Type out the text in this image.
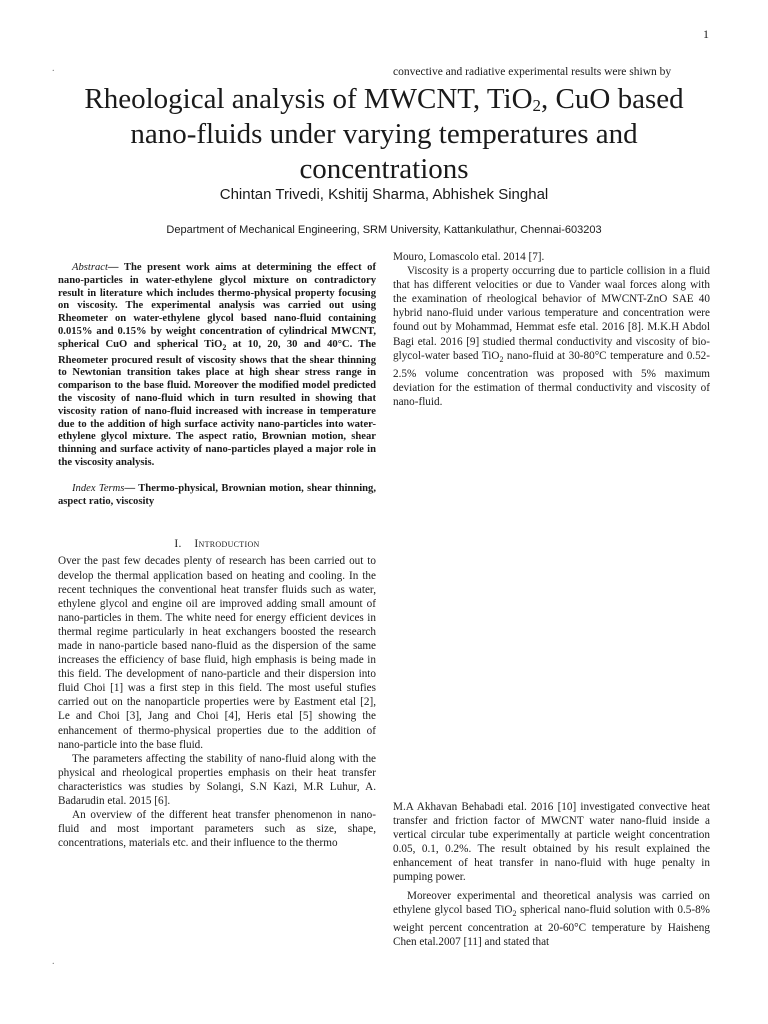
1
.	convective and radiative experimental results were shiwn by
Rheological analysis of MWCNT, TiO$_2$, CuO based
nano-fluids under varying temperatures and
concentrations
Chintan Trivedi, Kshitij Sharma, Abhishek Singhal
Department of Mechanical Engineering, SRM University, Kattankulathur, Chennai-603203

Abstract— The present work aims at determining the effect of nano-particles in water-ethylene glycol mixture on contradictory result in literature which includes thermo-physical property focusing on viscosity. The experimental analysis was carried out using Rheometer on water-ethylene glycol based nano-fluid containing 0.015% and 0.15% by weight concentration of cylindrical MWCNT, spherical CuO and spherical TiO$_2$ at 10, 20, 30 and 40°C. The Rheometer procured result of viscosity shows that the shear thinning to Newtonian transition takes place at high shear stress range in comparison to the base fluid. Moreover the modified model predicted the viscosity of nano-fluid which in turn resulted in showing that viscosity ration of nano-fluid increased with increase in temperature due to the addition of high surface activity nano-particles into water-ethylene glycol mixture. The aspect ratio, Brownian motion, shear thinning and surface activity of nano-particles played a major role in the viscosity analysis.

Index Terms— Thermo-physical, Brownian motion, shear thinning, aspect ratio, viscosity

I. Introduction

Over the past few decades plenty of research has been carried out to develop the thermal application based on heating and cooling. In the recent techniques the conventional heat transfer fluids such as water, ethylene glycol and engine oil are improved adding small amount of nano-particles in them. The white need for energy efficient devices in thermal regime particularly in heat exchangers boosted the research made in nano-particle based nano-fluid as the dispersion of the same increases the efficiency of base fluid, high emphasis is being made in this field. The development of nano-particle and their dispersion into fluid Choi [1] was a first step in this field. The most useful stufies carried out on the nanoparticle properties were by Eastment etal [2], Le and Choi [3], Jang and Choi [4], Heris etal [5] showing the enhancement of thermo-physical properties due to the addition of nano-particle into the base fluid.

The parameters affecting the stability of nano-fluid along with the physical and rheological properties emphasis on their heat transfer characteristics was studies by Solangi, S.N Kazi, M.R Luhur, A. Badarudin etal. 2015 [6].

An overview of the different heat transfer phenomenon in nano-fluid and most important parameters such as size, shape, concentrations, materials etc. and their influence to the thermo

Mouro, Lomascolo etal. 2014 [7].

Viscosity is a property occurring due to particle collision in a fluid that has different velocities or due to Vander waal forces along with the examination of rheological behavior of MWCNT-ZnO SAE 40 hybrid nano-fluid under various temperature and concentration were found out by Mohammad, Hemmat esfe etal. 2016 [8]. M.K.H Abdol Bagi etal. 2016 [9] studied thermal conductivity and viscosity of bio-glycol-water based TiO$_2$ nano-fluid at 30-80°C temperature and 0.52-2.5% volume concentration was proposed with 5% maximum deviation for the estimation of thermal conductivity and viscosity of nano-fluid.

M.A Akhavan Behabadi etal. 2016 [10] investigated convective heat transfer and friction factor of MWCNT water nano-fluid inside a vertical circular tube experimentally at particle weight concentration 0.05, 0.1, 0.2%. The result obtained by his result explained the enhancement of heat transfer in nano-fluid with huge penalty in pumping power.

Moreover experimental and theoretical analysis was carried on ethylene glycol based TiO$_2$ spherical nano-fluid solution with 0.5-8% weight percent concentration at 20-60°C temperature by Haisheng Chen etal.2007 [11] and stated that

.
